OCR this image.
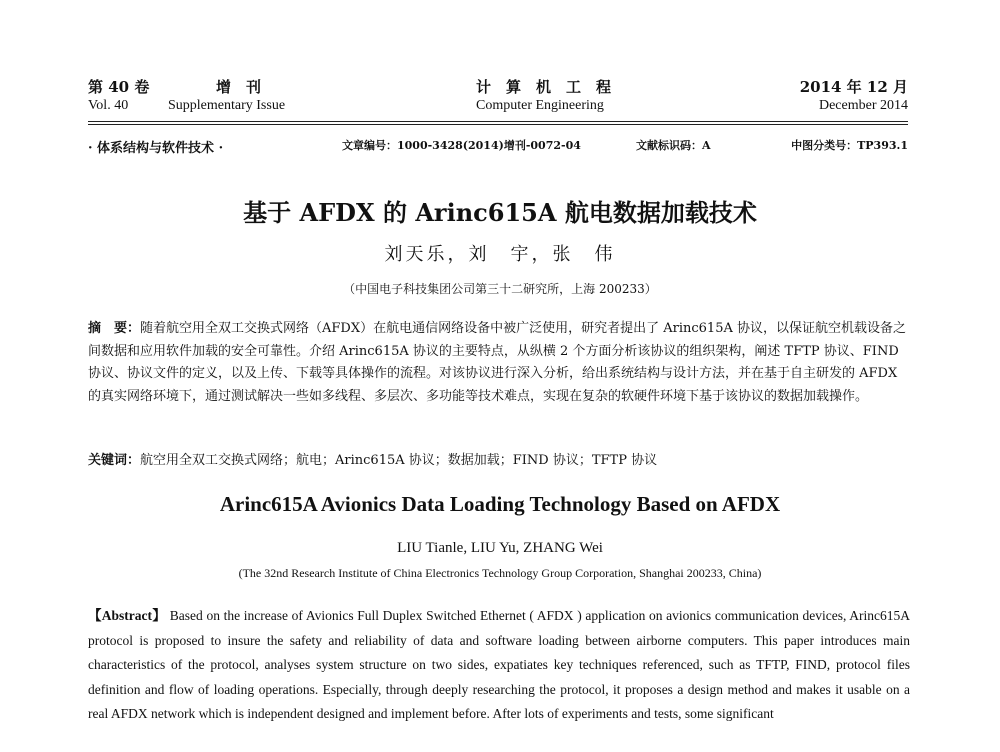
第 40 卷	增　刊	计　算　机　工　程	2014 年 12 月
Vol. 40	Supplementary Issue	Computer Engineering	December 2014
· 体系结构与软件技术 ·	文章编号：1000-3428(2014)增刊-0072-04	文献标识码：A	中图分类号：TP393.1
基于 AFDX 的 Arinc615A 航电数据加载技术
刘天乐，刘　宇，张　伟
（中国电子科技集团公司第三十二研究所，上海 200233）
摘　要：随着航空用全双工交换式网络（AFDX）在航电通信网络设备中被广泛使用，研究者提出了 Arinc615A 协议，以保证航空机载设备之间数据和应用软件加载的安全可靠性。介绍 Arinc615A 协议的主要特点，从纵横 2 个方面分析该协议的组织架构，阐述 TFTP 协议、FIND 协议、协议文件的定义，以及上传、下载等具体操作的流程。对该协议进行深入分析，给出系统结构与设计方法，并在基于自主研发的 AFDX 的真实网络环境下，通过测试解决一些如多线程、多层次、多功能等技术难点，实现在复杂的软硬件环境下基于该协议的数据加载操作。
关键词：航空用全双工交换式网络；航电；Arinc615A 协议；数据加载；FIND 协议；TFTP 协议
Arinc615A Avionics Data Loading Technology Based on AFDX
LIU Tianle, LIU Yu, ZHANG Wei
(The 32nd Research Institute of China Electronics Technology Group Corporation, Shanghai 200233, China)
【Abstract】 Based on the increase of Avionics Full Duplex Switched Ethernet ( AFDX ) application on avionics communication devices, Arinc615A protocol is proposed to insure the safety and reliability of data and software loading between airborne computers. This paper introduces main characteristics of the protocol, analyses system structure on two sides, expatiates key techniques referenced, such as TFTP, FIND, protocol files definition and flow of loading operations. Especially, through deeply researching the protocol, it proposes a design method and makes it usable on a real AFDX network which is independent designed and implement before. After lots of experiments and tests, some significant
